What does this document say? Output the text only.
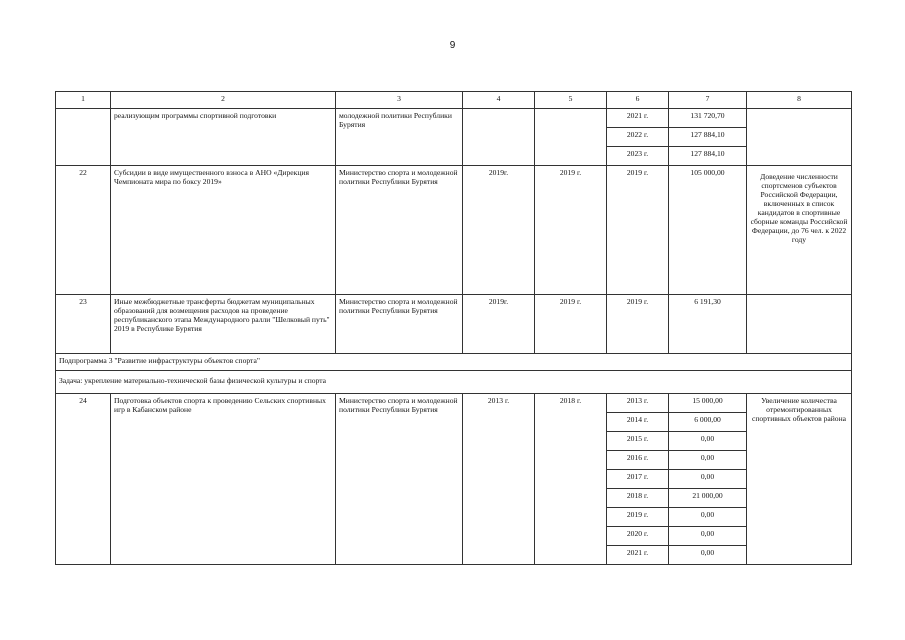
9
1	2	3	4	5	6	7	8
	реализующим программы спортивной подготовки	молодежной политики Республики Бурятия			2021 г.	131 720,70	
					2022 г.	127 884,10	
					2023 г.	127 884,10	
22	Субсидии в виде имущественного взноса в АНО «Дирекция Чемпионата мира по боксу 2019»	Министерство спорта и молодежной политики Республики Бурятия	2019г.	2019 г.	2019 г.	105 000,00	Доведение численности спортсменов субъектов Российской Федерации, включенных в список кандидатов в спортивные сборные команды Российской Федерации, до 76 чел. к 2022 году
23	Иные межбюджетные трансферты бюджетам муниципальных образований для возмещения расходов на проведение республиканского этапа Международного ралли "Шелковый путь" 2019 в Республике Бурятия	Министерство спорта и молодежной политики Республики Бурятия	2019г.	2019 г.	2019 г.	6 191,30	
Подпрограмма 3 "Развитие инфраструктуры объектов спорта"							
Задача: укрепление материально-технической базы физической культуры и спорта							
24	Подготовка объектов спорта к проведению Сельских спортивных игр в Кабанском районе	Министерство спорта и молодежной политики Республики Бурятия	2013 г.	2018 г.	2013 г.	15 000,00	Увеличение количества отремонтированных спортивных объектов района
					2014 г.	6 000,00	
					2015 г.	0,00	
					2016 г.	0,00	
					2017 г.	0,00	
					2018 г.	21 000,00	
					2019 г.	0,00	
					2020 г.	0,00	
					2021 г.	0,00	
